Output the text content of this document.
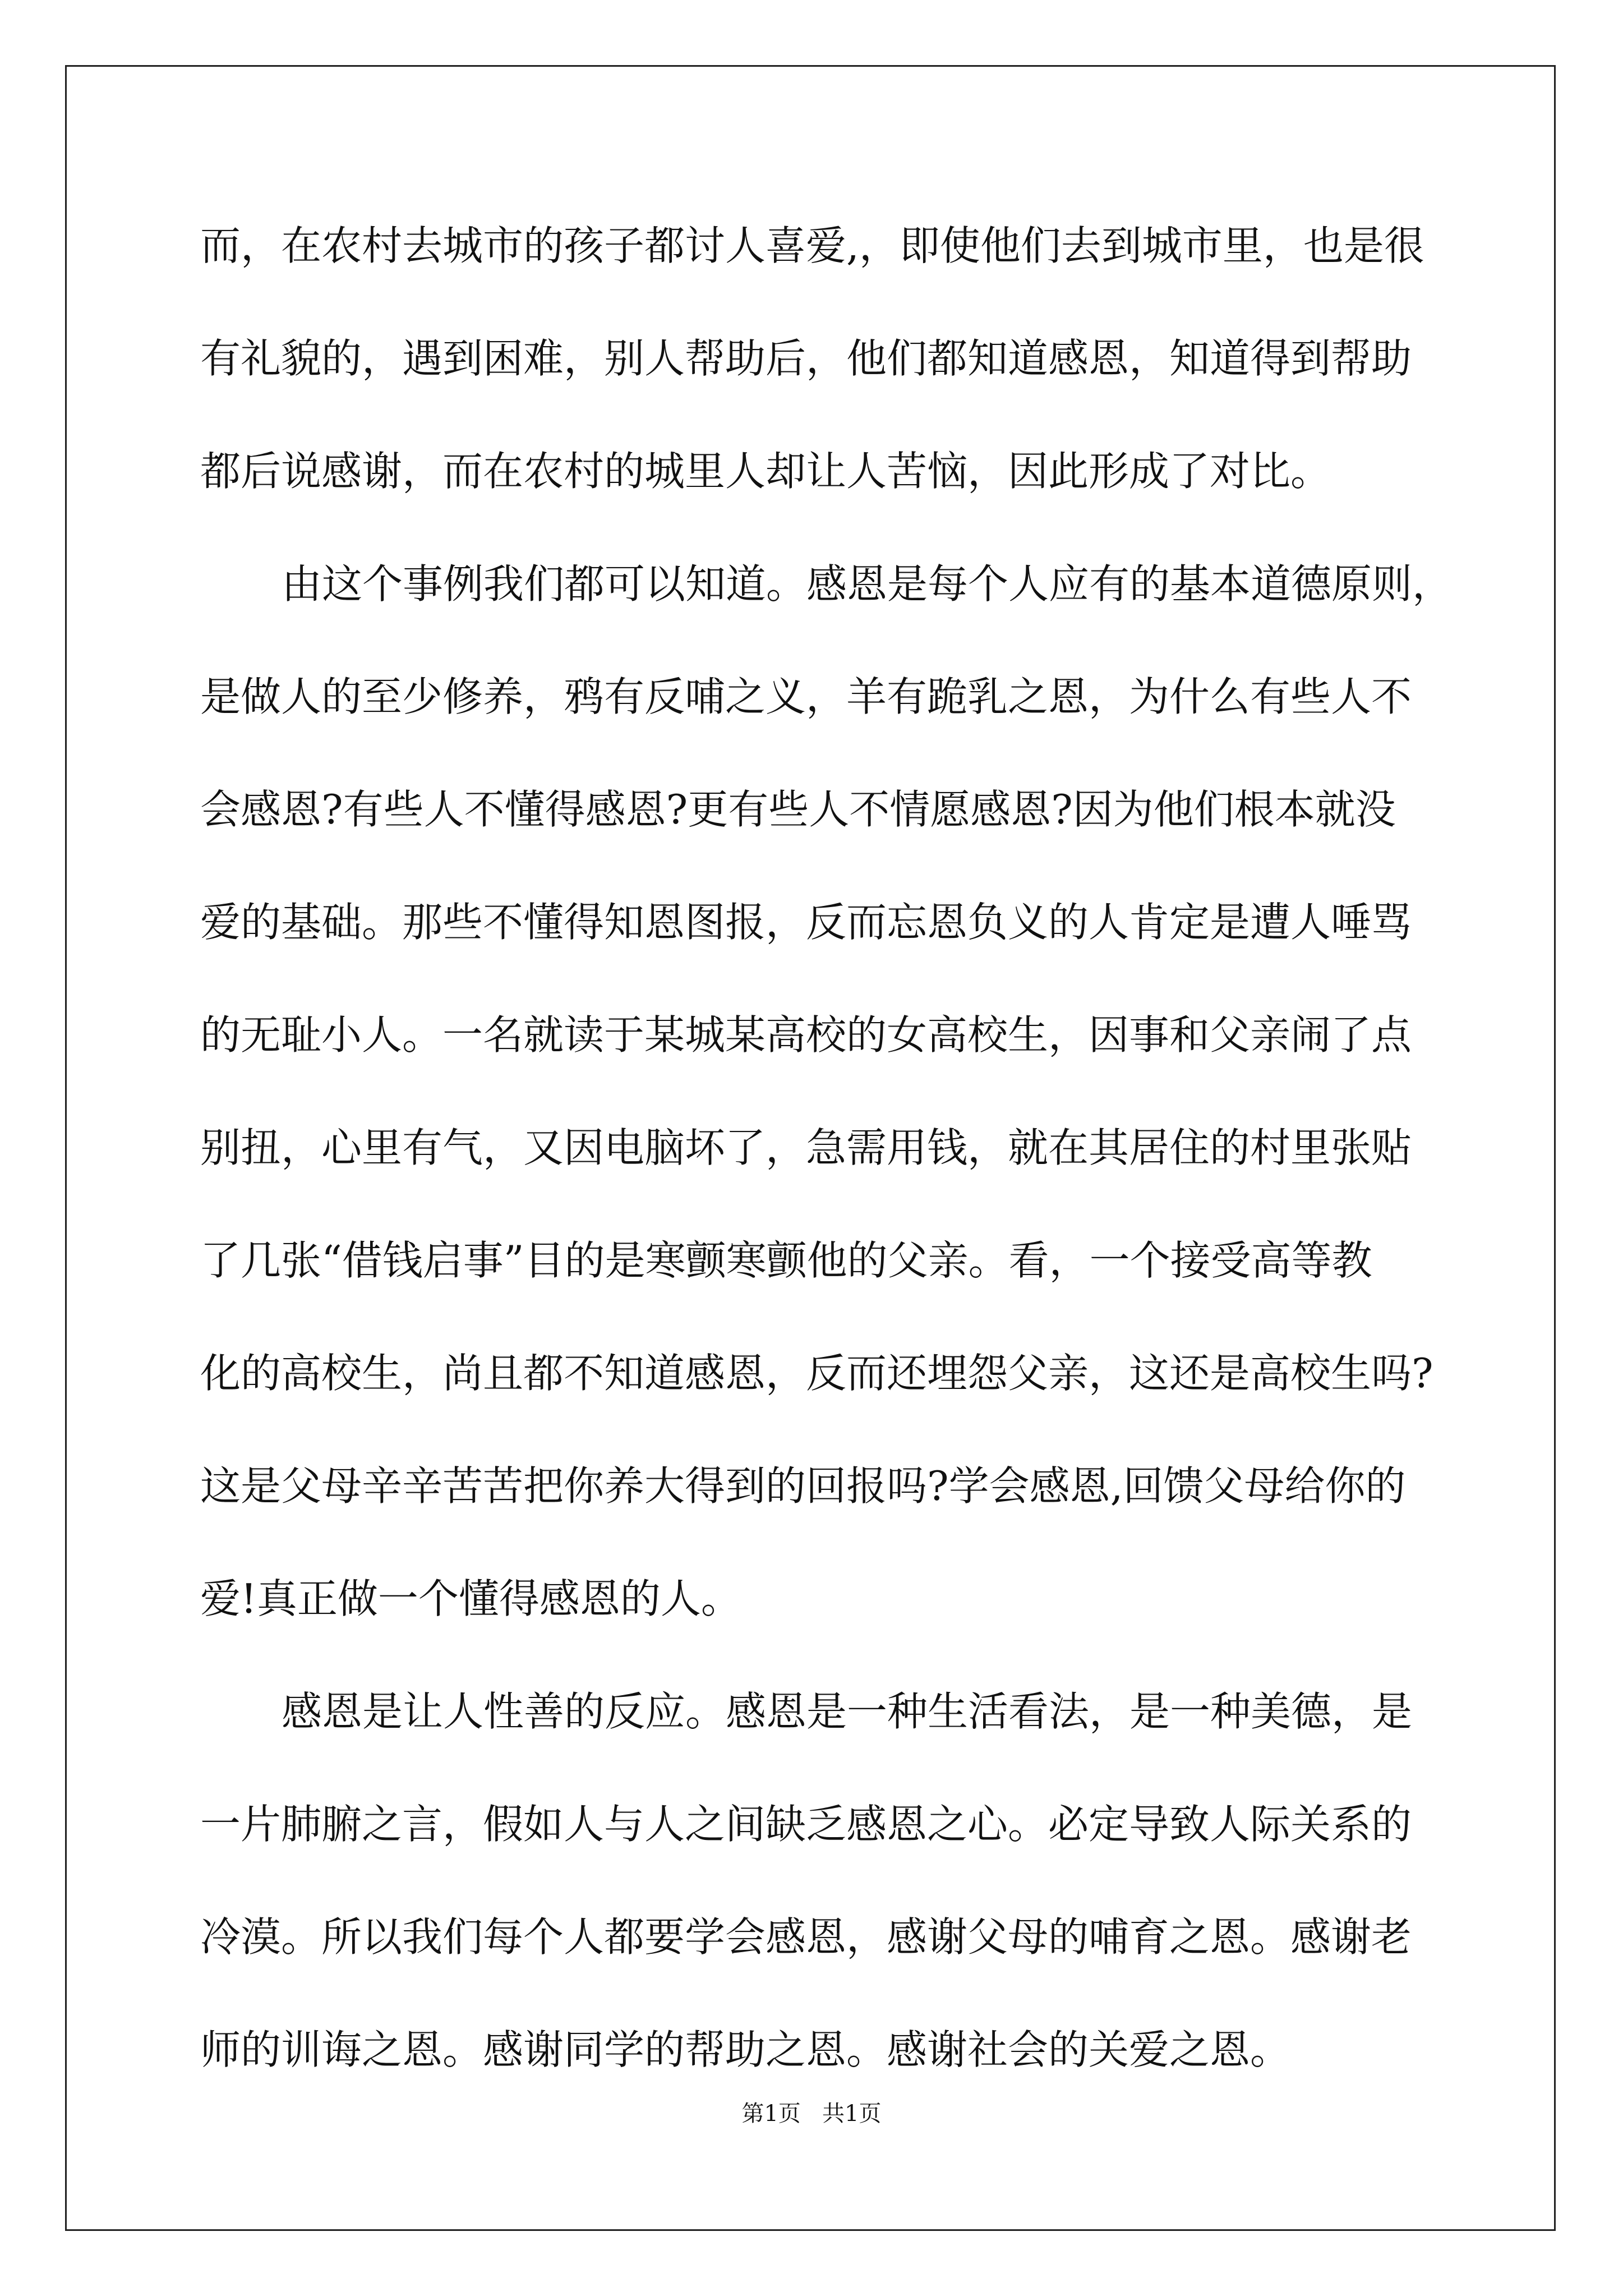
而，在农村去城市的孩子都讨人喜爱,，即使他们去到城市里，也是很
有礼貌的，遇到困难，别人帮助后，他们都知道感恩，知道得到帮助
都后说感谢，而在农村的城里人却让人苦恼，因此形成了对比。
由这个事例我们都可以知道。感恩是每个人应有的基本道德原则，
是做人的至少修养，鸦有反哺之义，羊有跪乳之恩，为什么有些人不
会感恩?有些人不懂得感恩?更有些人不情愿感恩?因为他们根本就没
爱的基础。那些不懂得知恩图报，反而忘恩负义的人肯定是遭人唾骂
的无耻小人。一名就读于某城某高校的女高校生，因事和父亲闹了点
别扭，心里有气，又因电脑坏了，急需用钱，就在其居住的村里张贴
了几张“借钱启事”目的是寒颤寒颤他的父亲。看，一个接受高等教
化的高校生，尚且都不知道感恩，反而还埋怨父亲，这还是高校生吗?
这是父母辛辛苦苦把你养大得到的回报吗?学会感恩,回馈父母给你的
爱!真正做一个懂得感恩的人。
感恩是让人性善的反应。感恩是一种生活看法，是一种美德，是
一片肺腑之言，假如人与人之间缺乏感恩之心。必定导致人际关系的
冷漠。所以我们每个人都要学会感恩，感谢父母的哺育之恩。感谢老
师的训诲之恩。感谢同学的帮助之恩。感谢社会的关爱之恩。
第1页   共1页
